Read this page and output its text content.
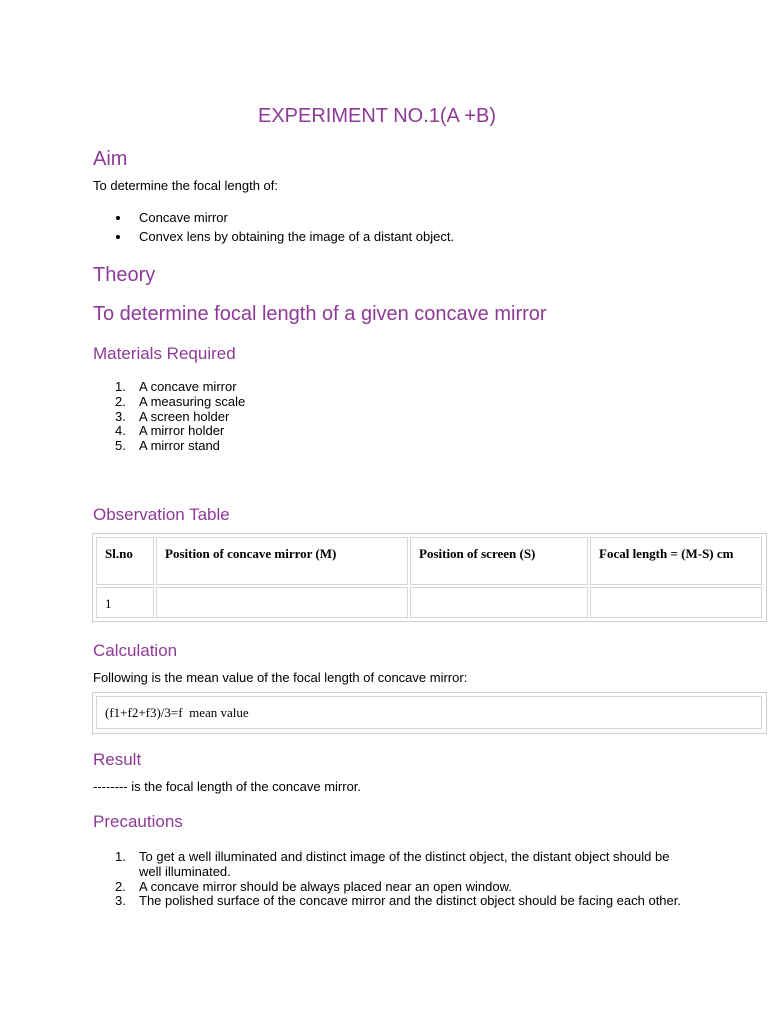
EXPERIMENT NO.1(A +B)
Aim

To determine the focal length of:

Concave mirror
Convex lens by obtaining the image of a distant object.
Theory
To determine focal length of a given concave mirror
Materials Required
1. A concave mirror
2. A measuring scale
3. A screen holder
4. A mirror holder
5. A mirror stand
Observation Table
Sl.no	Position of concave mirror (M)	Position of screen (S)	Focal length = (M-S) cm
1
Calculation

Following is the mean value of the focal length of concave mirror:

(f1+f2+f3)/3=f  mean value
Result

-------- is the focal length of the concave mirror.

Precautions
1. To get a well illuminated and distinct image of the distinct object, the distant object should be well illuminated.
2. A concave mirror should be always placed near an open window.
3. The polished surface of the concave mirror and the distinct object should be facing each other.
